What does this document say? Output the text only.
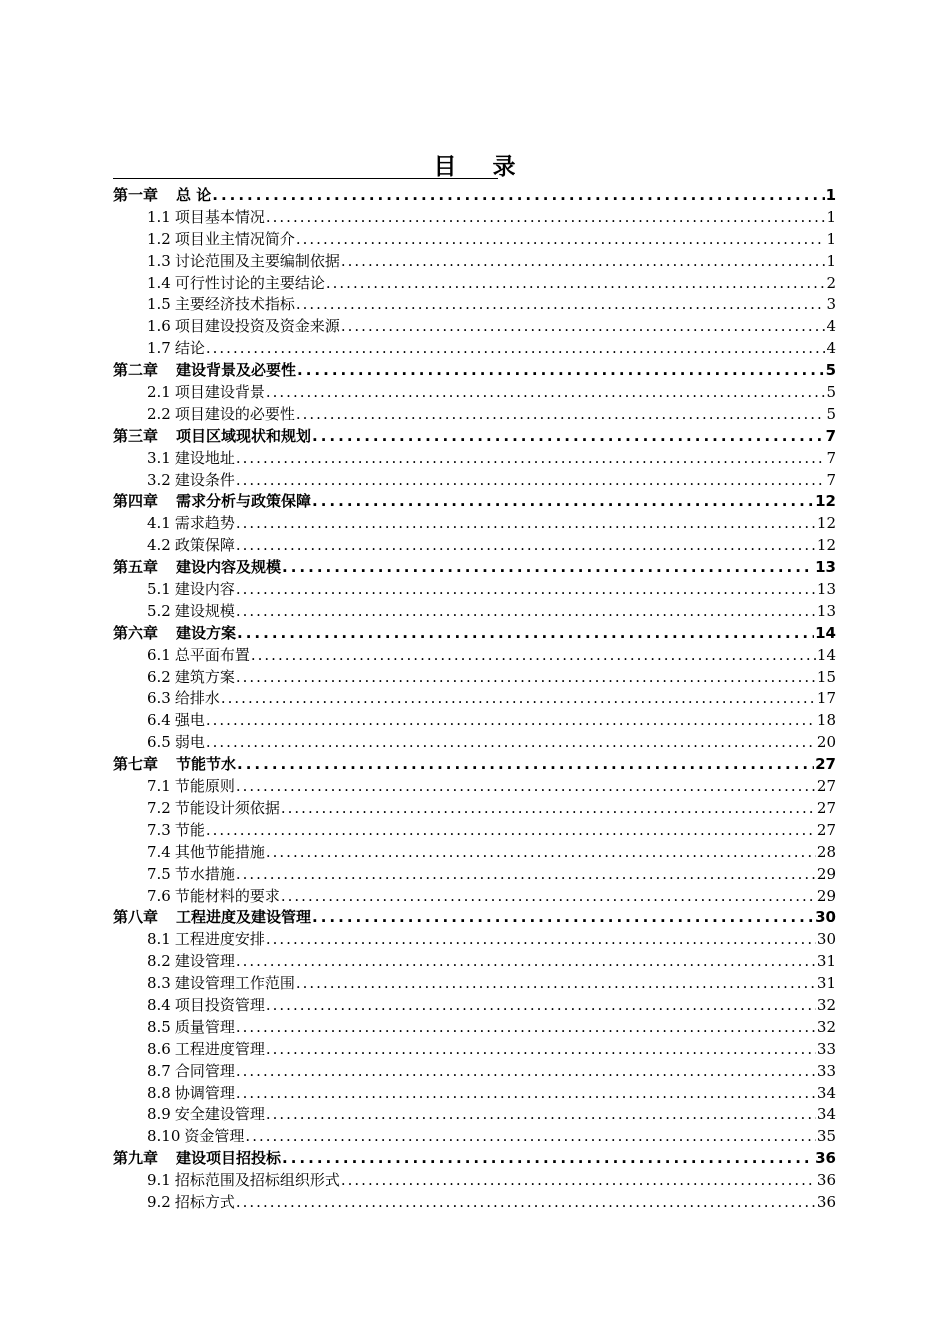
目 录
第一章 总 论 .....	1
1.1 项目基本情况 .....	1
1.2 项目业主情况简介 .....	1
1.3 讨论范围及主要编制依据 .....	1
1.4 可行性讨论的主要结论 .....	2
1.5 主要经济技术指标 .....	3
1.6 项目建设投资及资金来源 .....	4
1.7 结论 .....	4
第二章 建设背景及必要性 .....	5
2.1 项目建设背景 .....	5
2.2 项目建设的必要性 .....	5
第三章 项目区域现状和规划 .....	7
3.1 建设地址 .....	7
3.2 建设条件 .....	7
第四章 需求分析与政策保障 .....	12
4.1 需求趋势 .....	12
4.2 政策保障 .....	12
第五章 建设内容及规模 .....	13
5.1 建设内容 .....	13
5.2 建设规模 .....	13
第六章 建设方案 .....	14
6.1 总平面布置 .....	14
6.2 建筑方案 .....	15
6.3 给排水 .....	17
6.4 强电 .....	18
6.5 弱电 .....	20
第七章 节能节水 .....	27
7.1 节能原则 .....	27
7.2 节能设计须依据 .....	27
7.3 节能 .....	27
7.4 其他节能措施 .....	28
7.5 节水措施 .....	29
7.6 节能材料的要求 .....	29
第八章 工程进度及建设管理 .....	30
8.1 工程进度安排 .....	30
8.2 建设管理 .....	31
8.3 建设管理工作范围 .....	31
8.4 项目投资管理 .....	32
8.5 质量管理 .....	32
8.6 工程进度管理 .....	33
8.7 合同管理 .....	33
8.8 协调管理 .....	34
8.9 安全建设管理 .....	34
8.10 资金管理 .....	35
第九章 建设项目招投标 .....	36
9.1 招标范围及招标组织形式 .....	36
9.2 招标方式 .....	36
